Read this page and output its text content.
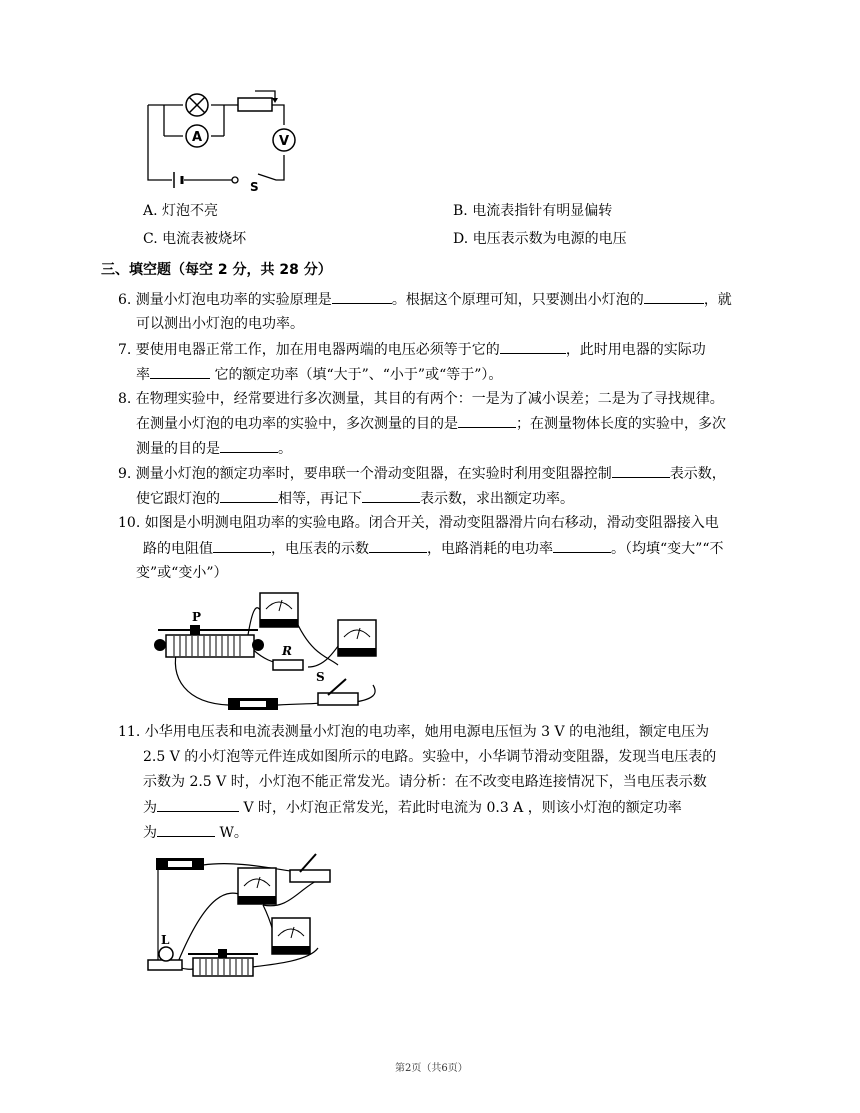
A	V
S
A. 灯泡不亮	B. 电流表指针有明显偏转
C. 电流表被烧坏	D. 电压表示数为电源的电压
三、填空题（每空 2 分，共 28 分）
6. 测量小灯泡电功率的实验原理是	。根据这个原理可知，只要测出小灯泡的	，就
可以测出小灯泡的电功率。
7. 要使用电器正常工作，加在用电器两端的电压必须等于它的	，此时用电器的实际功
率	它的额定功率（填“大于”、“小于”或“等于”）。
8. 在物理实验中，经常要进行多次测量，其目的有两个：一是为了减小误差；二是为了寻找规律。
在测量小灯泡的电功率的实验中，多次测量的目的是	；在测量物体长度的实验中，多次
测量的目的是	。
9. 测量小灯泡的额定功率时，要串联一个滑动变阻器，在实验时利用变阻器控制	表示数，
使它跟灯泡的	相等，再记下	表示数，求出额定功率。
10. 如图是小明测电阻功率的实验电路。闭合开关，滑动变阻器滑片向右移动，滑动变阻器接入电
路的电阻值	，电压表的示数	，电路消耗的电功率	。（均填“变大”“不
变”或“变小”）
P
R
S
11. 小华用电压表和电流表测量小灯泡的电功率，她用电源电压恒为 3 V 的电池组，额定电压为
2.5 V 的小灯泡等元件连成如图所示的电路。实验中，小华调节滑动变阻器，发现当电压表的
示数为 2.5 V 时，小灯泡不能正常发光。请分析：在不改变电路连接情况下，当电压表示数
为	V 时，小灯泡正常发光，若此时电流为 0.3 A ，则该小灯泡的额定功率
为	W。
L
第2页（共6页）
